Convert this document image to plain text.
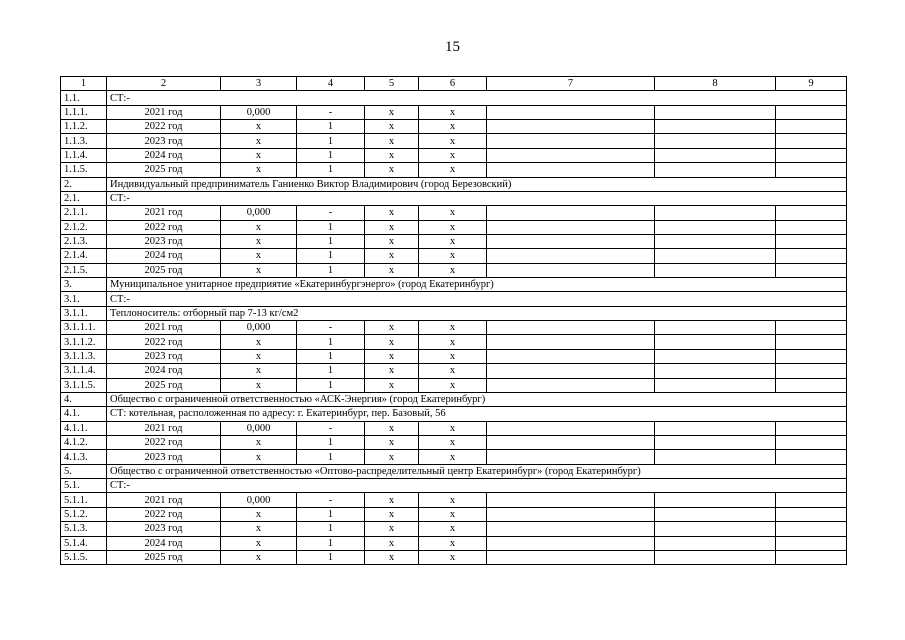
15
1	2	3	4	5	6	7	8	9
1.1.	СТ:-							
1.1.1.	2021 год	0,000	-	x	x			
1.1.2.	2022 год	x	1	x	x			
1.1.3.	2023 год	x	1	x	x			
1.1.4.	2024 год	x	1	x	x			
1.1.5.	2025 год	x	1	x	x			
2.	Индивидуальный предприниматель Ганиенко Виктор Владимирович (город Березовский)							
2.1.	СТ:-							
2.1.1.	2021 год	0,000	-	x	x			
2.1.2.	2022 год	x	1	x	x			
2.1.3.	2023 год	x	1	x	x			
2.1.4.	2024 год	x	1	x	x			
2.1.5.	2025 год	x	1	x	x			
3.	Муниципальное унитарное предприятие «Екатеринбургэнерго» (город Екатеринбург)							
3.1.	СТ:-							
3.1.1.	Теплоноситель: отборный пар 7-13 кг/см2							
3.1.1.1.	2021 год	0,000	-	x	x			
3.1.1.2.	2022 год	x	1	x	x			
3.1.1.3.	2023 год	x	1	x	x			
3.1.1.4.	2024 год	x	1	x	x			
3.1.1.5.	2025 год	x	1	x	x			
4.	Общество с ограниченной ответственностью «АСК-Энергия» (город Екатеринбург)							
4.1.	СТ: котельная, расположенная по адресу: г. Екатеринбург, пер. Базовый, 56							
4.1.1.	2021 год	0,000	-	x	x			
4.1.2.	2022 год	x	1	x	x			
4.1.3.	2023 год	x	1	x	x			
5.	Общество с ограниченной ответственностью «Оптово-распределительный центр Екатеринбург» (город Екатеринбург)							
5.1.	СТ:-							
5.1.1.	2021 год	0,000	-	x	x			
5.1.2.	2022 год	x	1	x	x			
5.1.3.	2023 год	x	1	x	x			
5.1.4.	2024 год	x	1	x	x			
5.1.5.	2025 год	x	1	x	x			
